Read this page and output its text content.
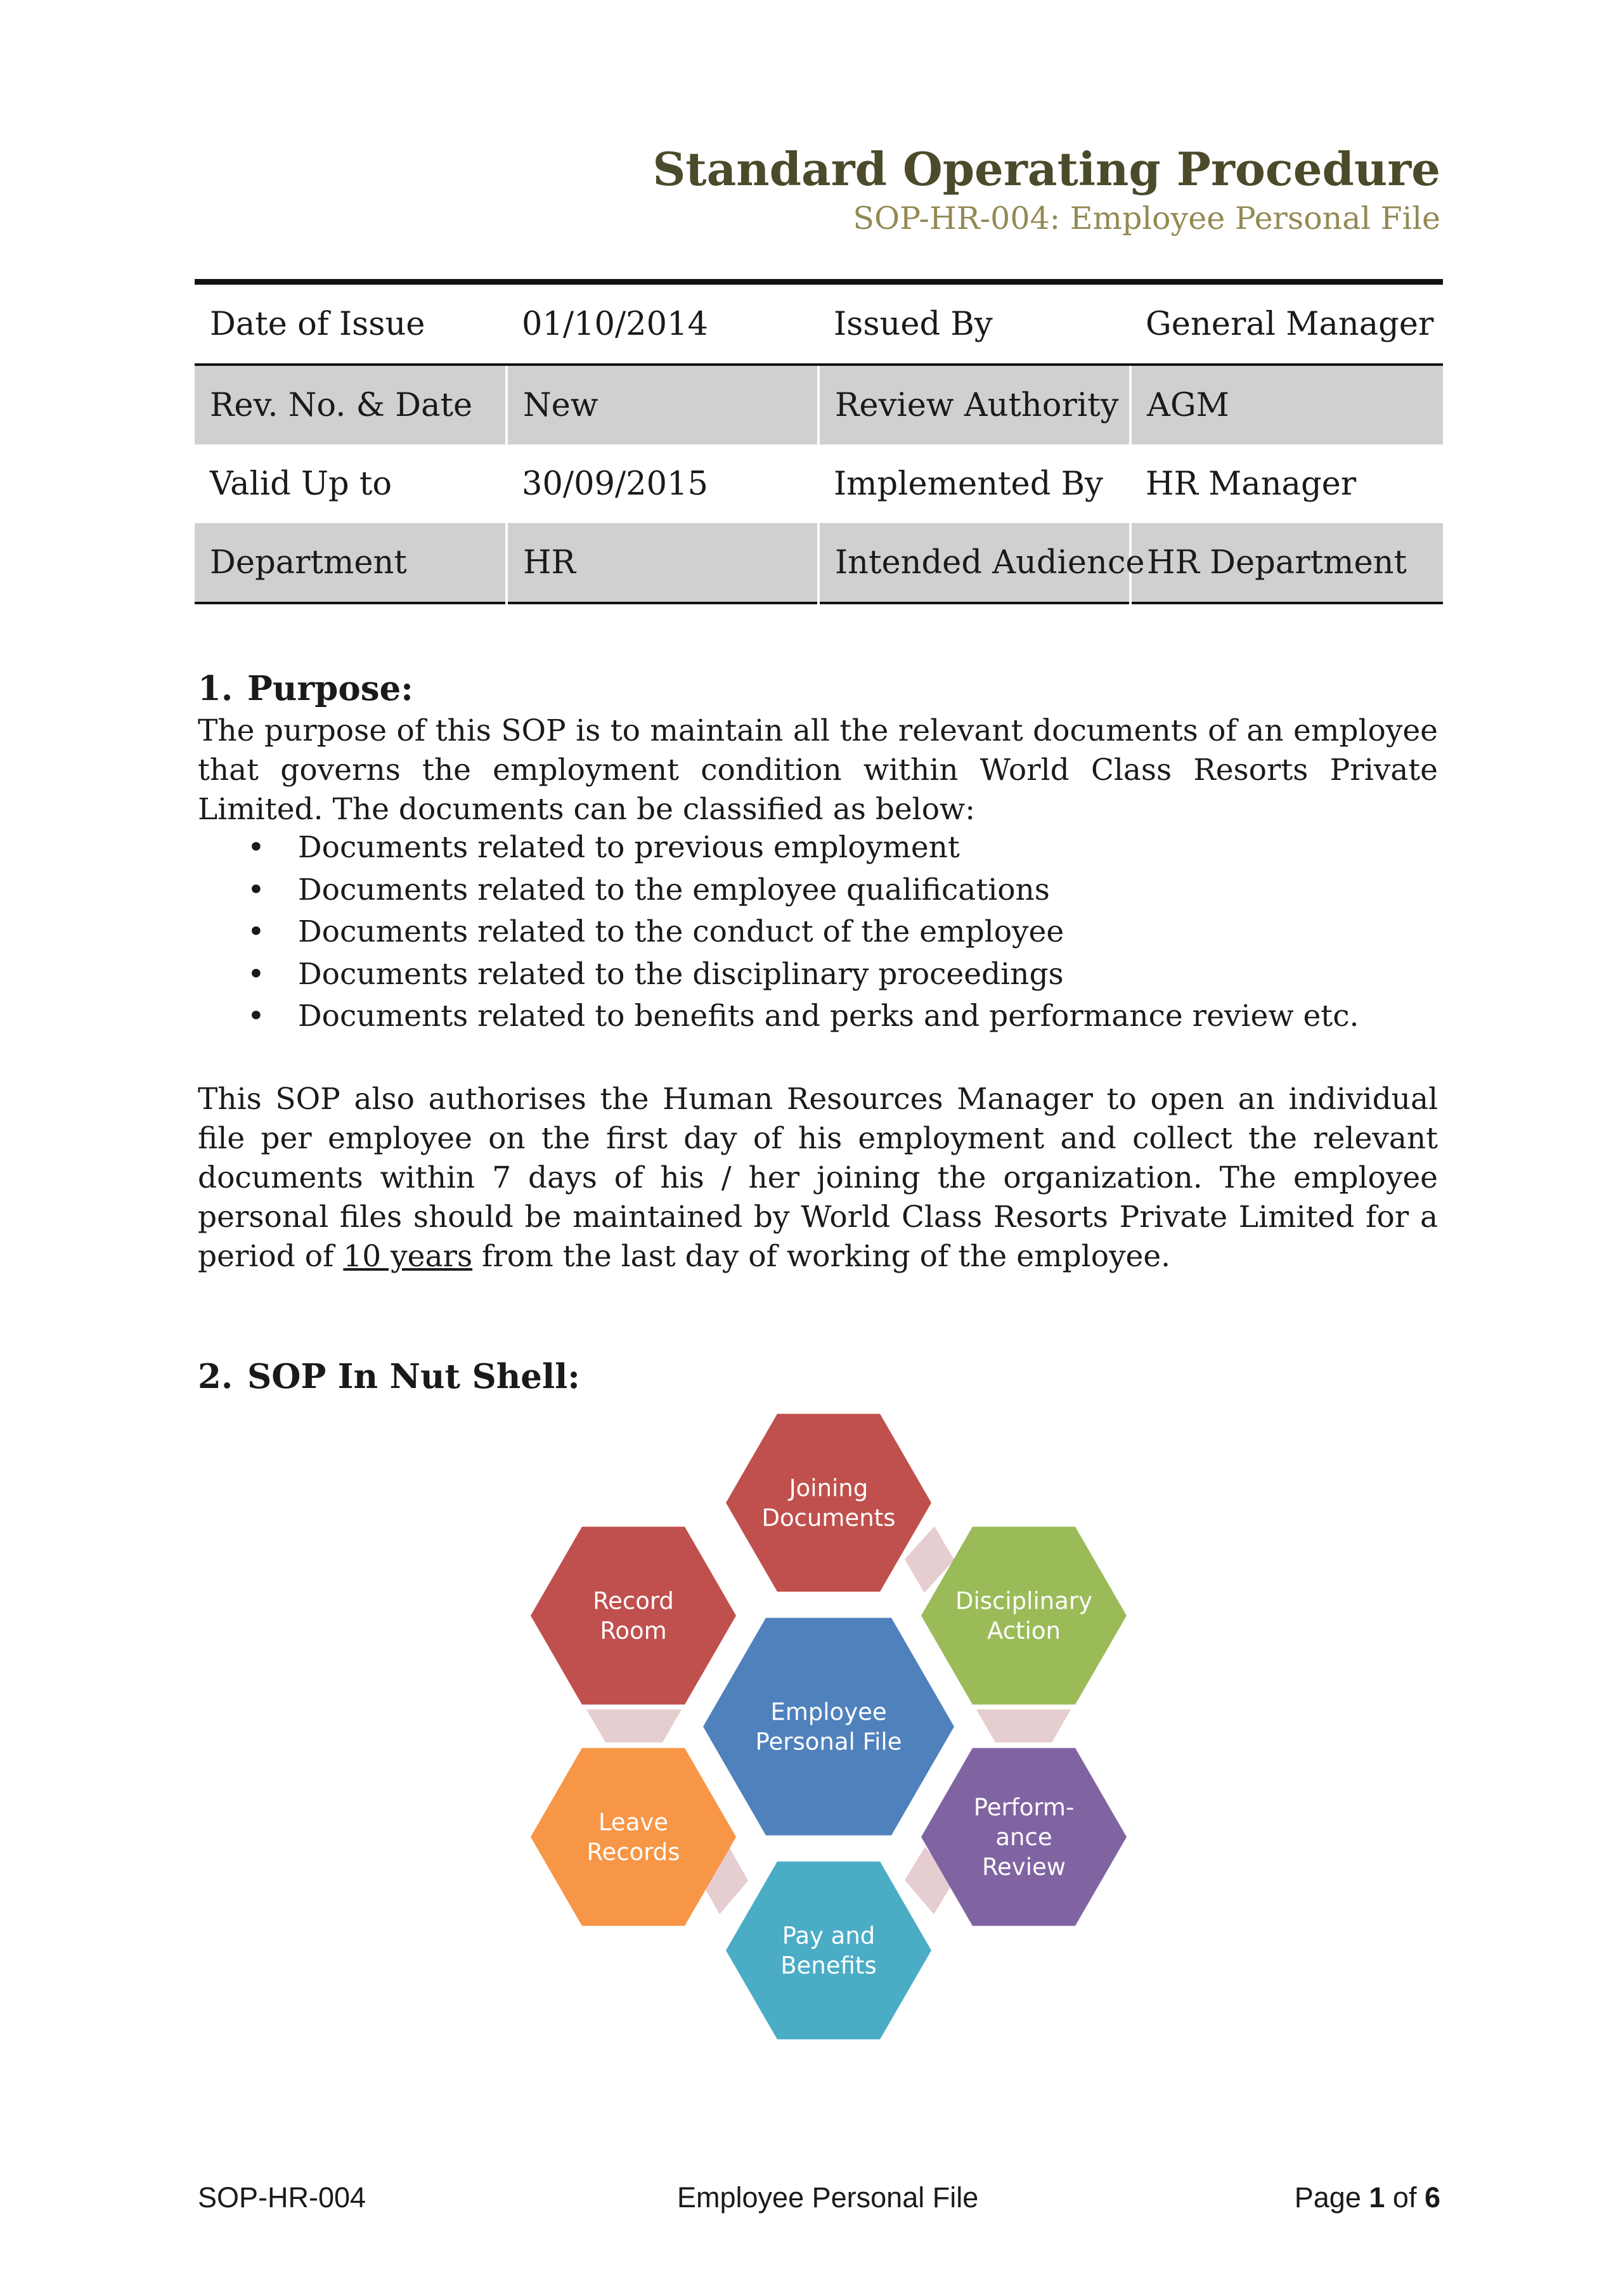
Standard Operating Procedure
SOP-HR-004: Employee Personal File
Date of Issue	01/10/2014	Issued By	General Manager
Rev. No. & Date	New	Review Authority	AGM
Valid Up to	30/09/2015	Implemented By	HR Manager
Department	HR	Intended Audience	HR Department
1. Purpose:

The purpose of this SOP is to maintain all the relevant documents of an employee that governs the employment condition within World Class Resorts Private Limited. The documents can be classified as below:

• Documents related to previous employment
• Documents related to the employee qualifications
• Documents related to the conduct of the employee
• Documents related to the disciplinary proceedings
• Documents related to benefits and perks and performance review etc.

This SOP also authorises the Human Resources Manager to open an individual file per employee on the first day of his employment and collect the relevant documents within 7 days of his / her joining the organization. The employee personal files should be maintained by World Class Resorts Private Limited for a period of 10 years from the last day of working of the employee.

2. SOP In Nut Shell:
Joining
Documents
Disciplinary
Action
Perform-
ance
Review
Pay and
Benefits
Leave
Records
Record
Room
Employee
Personal File
SOP-HR-004	Employee Personal File	Page 1 of 6
